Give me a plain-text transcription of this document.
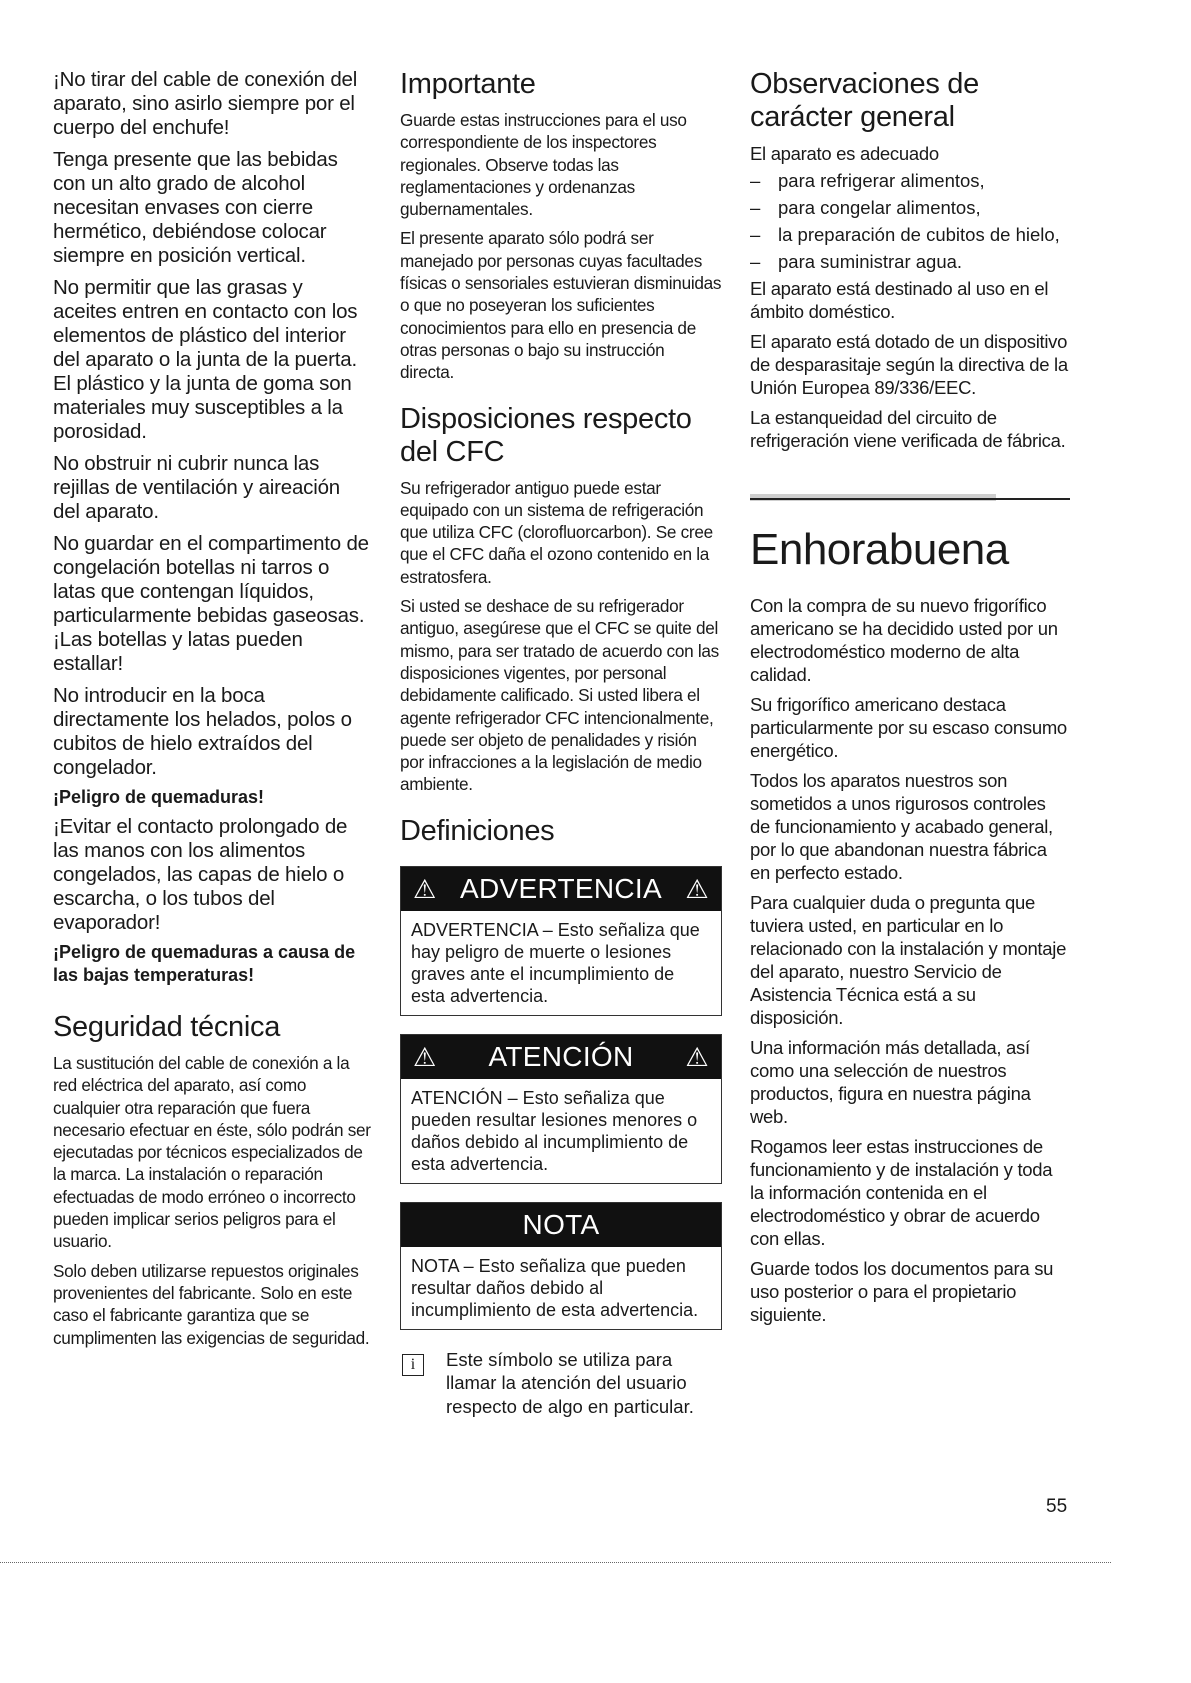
¡No tirar del cable de conexión del aparato, sino asirlo siempre por el cuerpo del enchufe!

Tenga presente que las bebidas con un alto grado de alcohol necesitan envases con cierre hermético, debiéndose colocar siempre en posición vertical.

No permitir que las grasas y aceites entren en contacto con los elementos de plástico del interior del aparato o la junta de la puerta. El plástico y la junta de goma son materiales muy susceptibles a la porosidad.

No obstruir ni cubrir nunca las rejillas de ventilación y aireación del aparato.

No guardar en el compartimento de congelación botellas ni tarros o latas que contengan líquidos, particularmente bebidas gaseosas. ¡Las botellas y latas pueden estallar!

No introducir en la boca directamente los helados, polos o cubitos de hielo extraídos del congelador.

¡Peligro de quemaduras!

¡Evitar el contacto prolongado de las manos con los alimentos congelados, las capas de hielo o escarcha, o los tubos del evaporador!

¡Peligro de quemaduras a causa de las bajas temperaturas!

Seguridad técnica

La sustitución del cable de conexión a la red eléctrica del aparato, así como cualquier otra reparación que fuera necesario efectuar en éste, sólo podrán ser ejecutadas por técnicos especializados de la marca. La instalación o reparación efectuadas de modo erróneo o incorrecto pueden implicar serios peligros para el usuario.

Solo deben utilizarse repuestos originales provenientes del fabricante. Solo en este caso el fabricante garantiza que se cumplimenten las exigencias de seguridad.

Importante

Guarde estas instrucciones para el uso correspondiente de los inspectores regionales. Observe todas las reglamentaciones y ordenanzas gubernamentales.

El presente aparato sólo podrá ser manejado por personas cuyas facultades físicas o sensoriales estuvieran disminuidas o que no poseyeran los suficientes conocimientos para ello en presencia de otras personas o bajo su instrucción directa.

Disposiciones respecto del CFC

Su refrigerador antiguo puede estar equipado con un sistema de refrigeración que utiliza CFC (clorofluorcarbon). Se cree que el CFC daña el ozono contenido en la estratosfera.

Si usted se deshace de su refrigerador antiguo, asegúrese que el CFC se quite del mismo, para ser tratado de acuerdo con las disposiciones vigentes, por personal debidamente calificado. Si usted libera el agente refrigerador CFC intencionalmente, puede ser objeto de penalidades y risión por infracciones a la legislación de medio ambiente.

Definiciones
⚠ ADVERTENCIA ⚠
ADVERTENCIA – Esto señaliza que hay peligro de muerte o lesiones graves ante el incumplimiento de esta advertencia.
⚠ ATENCIÓN ⚠
ATENCIÓN – Esto señaliza que pueden resultar lesiones menores o daños debido al incumplimiento de esta advertencia.
NOTA
NOTA – Esto señaliza que pueden resultar daños debido al incumplimiento de esta advertencia.
i	Este símbolo se utiliza para llamar la atención del usuario respecto de algo en particular.
Observaciones de carácter general

El aparato es adecuado

– para refrigerar alimentos,
– para congelar alimentos,
– la preparación de cubitos de hielo,
– para suministrar agua.

El aparato está destinado al uso en el ámbito doméstico.

El aparato está dotado de un dispositivo de desparasitaje según la directiva de la Unión Europea 89/336/EEC.

La estanqueidad del circuito de refrigeración viene verificada de fábrica.

Enhorabuena

Con la compra de su nuevo frigorífico americano se ha decidido usted por un electrodoméstico moderno de alta calidad.

Su frigorífico americano destaca particularmente por su escaso consumo energético.

Todos los aparatos nuestros son sometidos a unos rigurosos controles de funcionamiento y acabado general, por lo que abandonan nuestra fábrica en perfecto estado.

Para cualquier duda o pregunta que tuviera usted, en particular en lo relacionado con la instalación y montaje del aparato, nuestro Servicio de Asistencia Técnica está a su disposición.

Una información más detallada, así como una selección de nuestros productos, figura en nuestra página web.

Rogamos leer estas instrucciones de funcionamiento y de instalación y toda la información contenida en el electrodoméstico y obrar de acuerdo con ellas.

Guarde todos los documentos para su uso posterior o para el propietario siguiente.

55
